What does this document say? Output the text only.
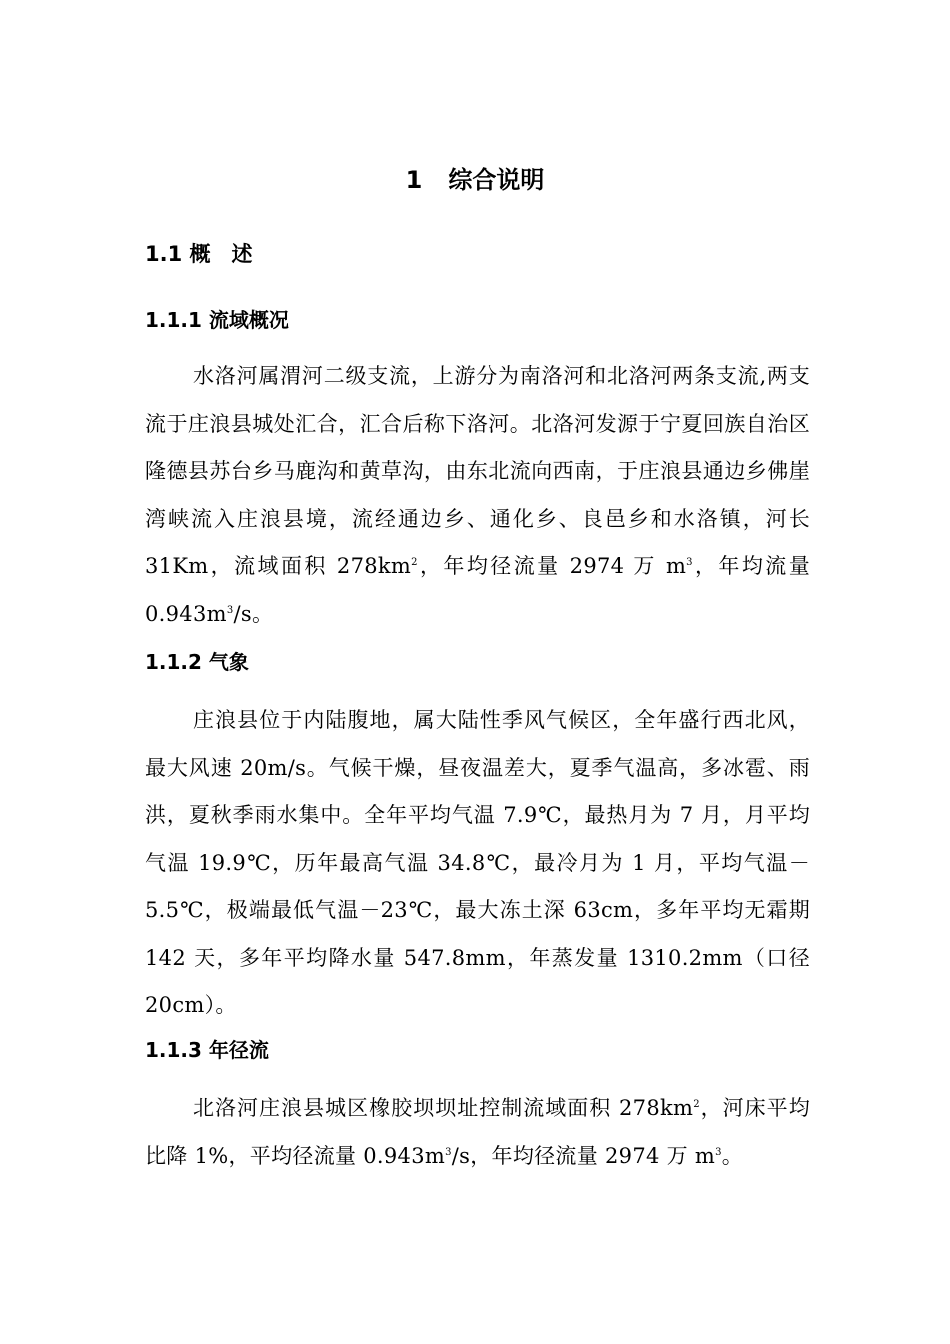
1 综合说明
1.1 概　述
1.1.1 流域概况

水洛河属渭河二级支流，上游分为南洛河和北洛河两条支流,两支流于庄浪县城处汇合，汇合后称下洛河。北洛河发源于宁夏回族自治区隆德县苏台乡马鹿沟和黄草沟，由东北流向西南，于庄浪县通边乡佛崖湾峡流入庄浪县境，流经通边乡、通化乡、良邑乡和水洛镇，河长 31Km，流域面积 $278km^2$，年均径流量 2974 万 $m^3$，年均流量 $0.943m^3/s$。

1.1.2 气象

庄浪县位于内陆腹地，属大陆性季风气候区，全年盛行西北风，最大风速 20m/s。气候干燥，昼夜温差大，夏季气温高，多冰雹、雨洪，夏秋季雨水集中。全年平均气温 7.9℃，最热月为 7 月，月平均气温 19.9℃，历年最高气温 34.8℃，最冷月为 1 月，平均气温－5.5℃，极端最低气温－23℃，最大冻土深 63cm，多年平均无霜期 142 天，多年平均降水量 547.8mm，年蒸发量 1310.2mm（口径 20cm）。

1.1.3 年径流

北洛河庄浪县城区橡胶坝坝址控制流域面积 $278km^2$，河床平均比降 1%，平均径流量 $0.943m^3/s$，年均径流量 2974 万 $m^3$。
